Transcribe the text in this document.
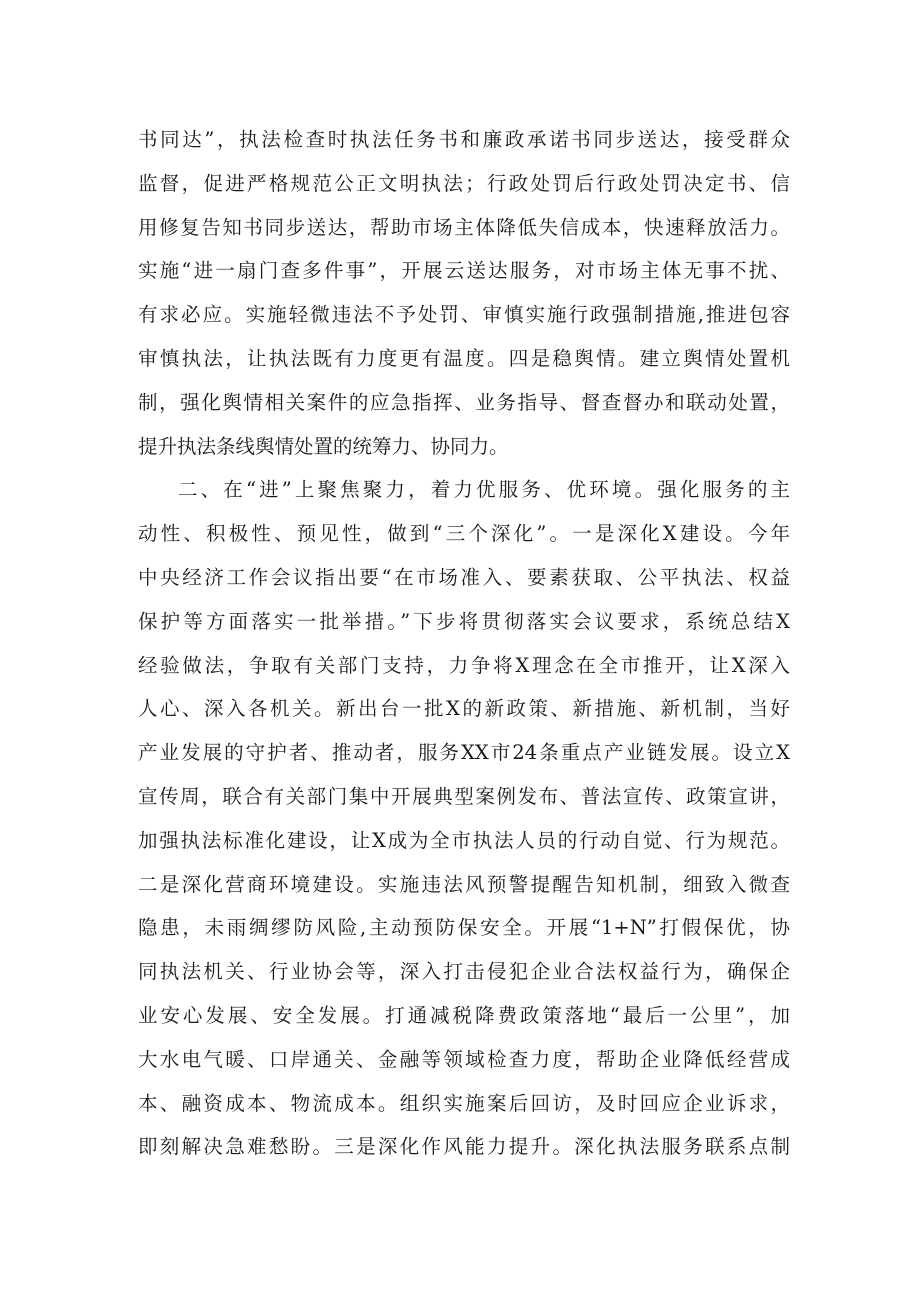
书同达”，执法检查时执法任务书和廉政承诺书同步送达，接受群众
监督，促进严格规范公正文明执法；行政处罚后行政处罚决定书、信
用修复告知书同步送达，帮助市场主体降低失信成本，快速释放活力。
实施“进一扇门查多件事”，开展云送达服务，对市场主体无事不扰、
有求必应。实施轻微违法不予处罚、审慎实施行政强制措施,推进包容
审慎执法，让执法既有力度更有温度。四是稳舆情。建立舆情处置机
制，强化舆情相关案件的应急指挥、业务指导、督查督办和联动处置，
提升执法条线舆情处置的统筹力、协同力。
二、在“进”上聚焦聚力，着力优服务、优环境。强化服务的主
动性、积极性、预见性，做到“三个深化”。一是深化X建设。今年
中央经济工作会议指出要“在市场准入、要素获取、公平执法、权益
保护等方面落实一批举措。”下步将贯彻落实会议要求，系统总结X
经验做法，争取有关部门支持，力争将X理念在全市推开，让X深入
人心、深入各机关。新出台一批X的新政策、新措施、新机制，当好
产业发展的守护者、推动者，服务XX市24条重点产业链发展。设立X
宣传周，联合有关部门集中开展典型案例发布、普法宣传、政策宣讲，
加强执法标准化建设，让X成为全市执法人员的行动自觉、行为规范。
二是深化营商环境建设。实施违法风预警提醒告知机制，细致入微查
隐患，未雨绸缪防风险,主动预防保安全。开展“1+N”打假保优，协
同执法机关、行业协会等，深入打击侵犯企业合法权益行为，确保企
业安心发展、安全发展。打通减税降费政策落地“最后一公里”，加
大水电气暖、口岸通关、金融等领域检查力度，帮助企业降低经营成
本、融资成本、物流成本。组织实施案后回访，及时回应企业诉求，
即刻解决急难愁盼。三是深化作风能力提升。深化执法服务联系点制
